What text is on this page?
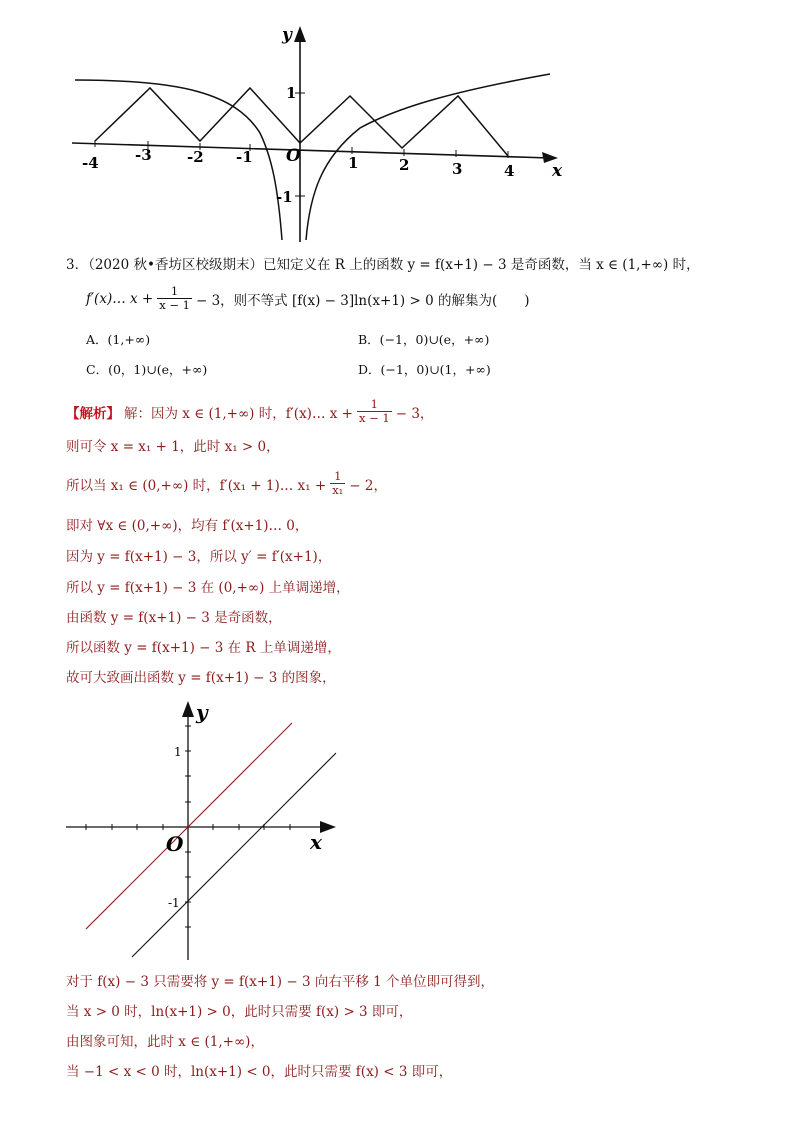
y
x
O
-4 -3 -2 -1	1	2	3	4
1
-1
3．（2020 秋•香坊区校级期末）已知定义在 R 上的函数 y = f(x+1) − 3 是奇函数，当 x ∈ (1,+∞) 时，
f′(x)… $x + \frac{1}{x - 1} - 3$，则不等式 [f(x) − 3]ln(x+1) > 0 的解集为(　　)
A．(1,+∞)	B．(−1，0)∪(e，+∞)
C．(0，1)∪(e，+∞)	D．(−1，0)∪(1，+∞)
【解析】 解：因为 x ∈ (1,+∞) 时，f′(x)… $x + \frac{1}{x - 1} - 3$，
则可令 x = x₁ + 1，此时 x₁ > 0，
所以当 x₁ ∈ (0,+∞) 时，f′(x₁ + 1)… $x_1 + \frac{1}{\text{x₁}} - 2$，
即对 ∀x ∈ (0,+∞)，均有 f′(x+1)… 0，
因为 y = f(x+1) − 3，所以 y′ = f′(x+1)，
所以 y = f(x+1) − 3 在 (0,+∞) 上单调递增，
由函数 y = f(x+1) − 3 是奇函数，
所以函数 y = f(x+1) − 3 在 R 上单调递增，
故可大致画出函数 y = f(x+1) − 3 的图象，
y
x
O
1
-1
对于 f(x) − 3 只需要将 y = f(x+1) − 3 向右平移 1 个单位即可得到，
当 x > 0 时，ln(x+1) > 0，此时只需要 f(x) > 3 即可，
由图象可知，此时 x ∈ (1,+∞)，
当 −1 < x < 0 时，ln(x+1) < 0，此时只需要 f(x) < 3 即可，
